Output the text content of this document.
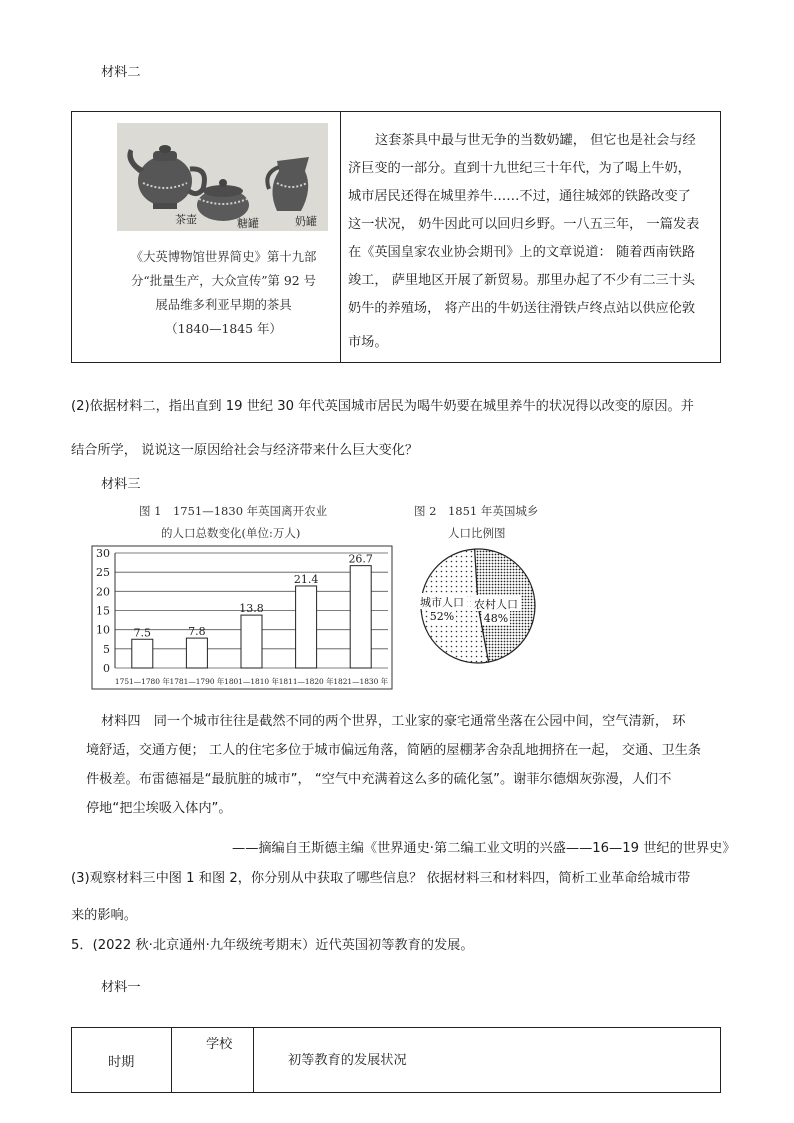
材料二
茶壶	糖罐	奶罐
《大英博物馆世界简史》第十九部
分“批量生产，大众宣传”第 92 号
展品维多利亚早期的茶具
（1840—1845 年）
这套茶具中最与世无争的当数奶罐， 但它也是社会与经
济巨变的一部分。直到十九世纪三十年代，为了喝上牛奶，
城市居民还得在城里养牛……不过，通往城郊的铁路改变了
这一状况， 奶牛因此可以回归乡野。一八五三年， 一篇发表
在《英国皇家农业协会期刊》上的文章说道： 随着西南铁路
竣工， 萨里地区开展了新贸易。那里办起了不少有二三十头
奶牛的养殖场， 将产出的牛奶送往滑铁卢终点站以供应伦敦
市场。
(2)依据材料二，指出直到 19 世纪 30 年代英国城市居民为喝牛奶要在城里养牛的状况得以改变的原因。并
结合所学， 说说这一原因给社会与经济带来什么巨大变化？
材料三
图 1　1751—1830 年英国离开农业
的人口总数变化(单位:万人)
0
5
10
15
20
25
30
7.5
1751—1780 年
7.8
1781—1790 年
13.8
1801—1810 年
21.4
1811—1820 年
26.7
1821—1830 年
图 2　1851 年英国城乡
人口比例图
城市人口
52%
农村人口
48%
材料四　同一个城市往往是截然不同的两个世界，工业家的豪宅通常坐落在公园中间，空气清新， 环
境舒适，交通方便； 工人的住宅多位于城市偏远角落，简陋的屋棚茅舍杂乱地拥挤在一起， 交通、卫生条
件极差。布雷德福是“最肮脏的城市”， “空气中充满着这么多的硫化氢”。谢菲尔德烟灰弥漫，人们不
停地“把尘埃吸入体内”。
——摘编自王斯德主编《世界通史·第二编工业文明的兴盛——16—19 世纪的世界史》
(3)观察材料三中图 1 和图 2，你分别从中获取了哪些信息？ 依据材料三和材料四，简析工业革命给城市带
来的影响。
5．(2022 秋·北京通州·九年级统考期末）近代英国初等教育的发展。
材料一
时期
学校
初等教育的发展状况
